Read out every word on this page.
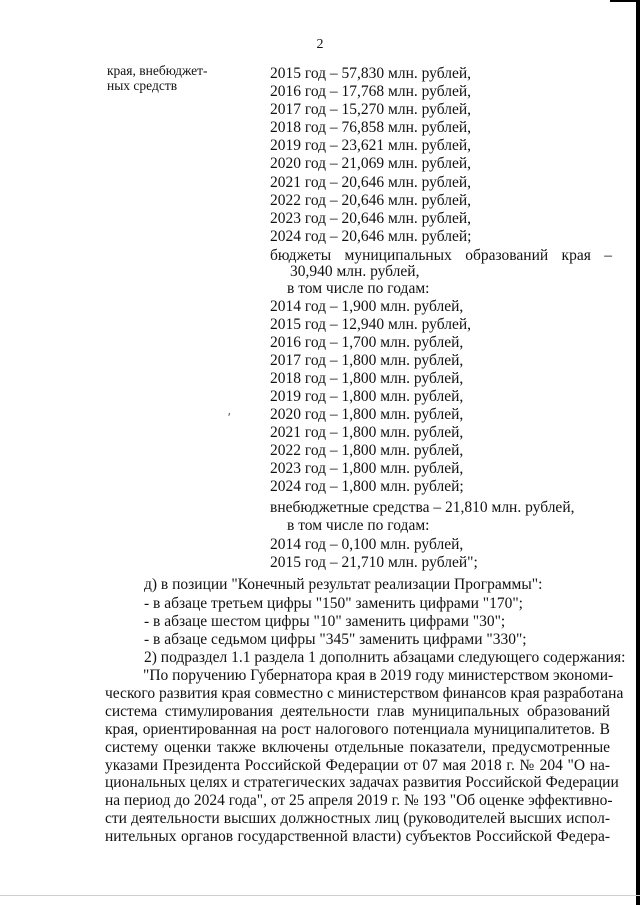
2
края, внебюджет-
ных средств
2015 год – 57,830 млн. рублей,
2016 год – 17,768 млн. рублей,
2017 год – 15,270 млн. рублей,
2018 год – 76,858 млн. рублей,
2019 год – 23,621 млн. рублей,
2020 год – 21,069 млн. рублей,
2021 год – 20,646 млн. рублей,
2022 год – 20,646 млн. рублей,
2023 год – 20,646 млн. рублей,
2024 год – 20,646 млн. рублей;
бюджеты муниципальных образований края –
30,940 млн. рублей,
в том числе по годам:
2014 год – 1,900 млн. рублей,
2015 год – 12,940 млн. рублей,
2016 год – 1,700 млн. рублей,
2017 год – 1,800 млн. рублей,
2018 год – 1,800 млн. рублей,
2019 год – 1,800 млн. рублей,
2020 год – 1,800 млн. рублей,
2021 год – 1,800 млн. рублей,
2022 год – 1,800 млн. рублей,
2023 год – 1,800 млн. рублей,
2024 год – 1,800 млн. рублей;
ʹ
внебюджетные средства – 21,810 млн. рублей,
в том числе по годам:
2014 год – 0,100 млн. рублей,
2015 год – 21,710 млн. рублей";
д) в позиции "Конечный результат реализации Программы":
- в абзаце третьем цифры "150" заменить цифрами "170";
- в абзаце шестом цифры "10" заменить цифрами "30";
- в абзаце седьмом цифры "345" заменить цифрами "330";
2) подраздел 1.1 раздела 1 дополнить абзацами следующего содержания:
"По поручению Губернатора края в 2019 году министерством экономи-
ческого развития края совместно с министерством финансов края разработана
система стимулирования деятельности глав муниципальных образований
края, ориентированная на рост налогового потенциала муниципалитетов. В
систему оценки также включены отдельные показатели, предусмотренные
указами Президента Российской Федерации от 07 мая 2018 г. № 204 "О на-
циональных целях и стратегических задачах развития Российской Федерации
на период до 2024 года", от 25 апреля 2019 г. № 193 "Об оценке эффективно-
сти деятельности высших должностных лиц (руководителей высших испол-
нительных органов государственной власти) субъектов Российской Федера-
